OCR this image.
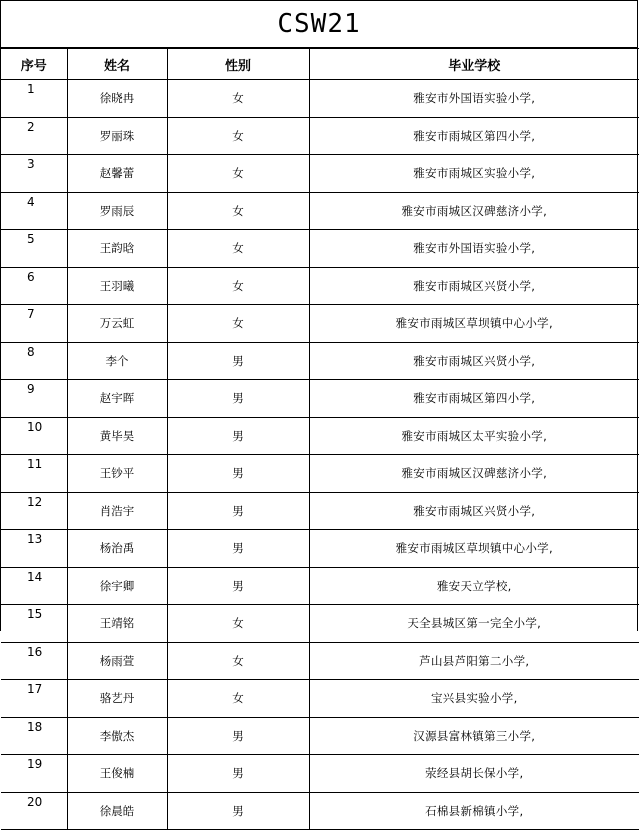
CSW21
序号	姓名	性别	毕业学校
1	徐晓冉	女	雅安市外国语实验小学,
2	罗丽珠	女	雅安市雨城区第四小学,
3	赵馨蕾	女	雅安市雨城区实验小学,
4	罗雨辰	女	雅安市雨城区汉碑慈济小学,
5	王韵晗	女	雅安市外国语实验小学,
6	王羽曦	女	雅安市雨城区兴贤小学,
7	万云虹	女	雅安市雨城区草坝镇中心小学,
8	李个	男	雅安市雨城区兴贤小学,
9	赵宇晖	男	雅安市雨城区第四小学,
10	黄毕昊	男	雅安市雨城区太平实验小学,
11	王钞平	男	雅安市雨城区汉碑慈济小学,
12	肖浩宇	男	雅安市雨城区兴贤小学,
13	杨治禹	男	雅安市雨城区草坝镇中心小学,
14	徐宇卿	男	雅安天立学校,
15	王靖铭	女	天全县城区第一完全小学,
16	杨雨萱	女	芦山县芦阳第二小学,
17	骆艺丹	女	宝兴县实验小学,
18	李傲杰	男	汉源县富林镇第三小学,
19	王俊楠	男	荥经县胡长保小学,
20	徐晨皓	男	石棉县新棉镇小学,
